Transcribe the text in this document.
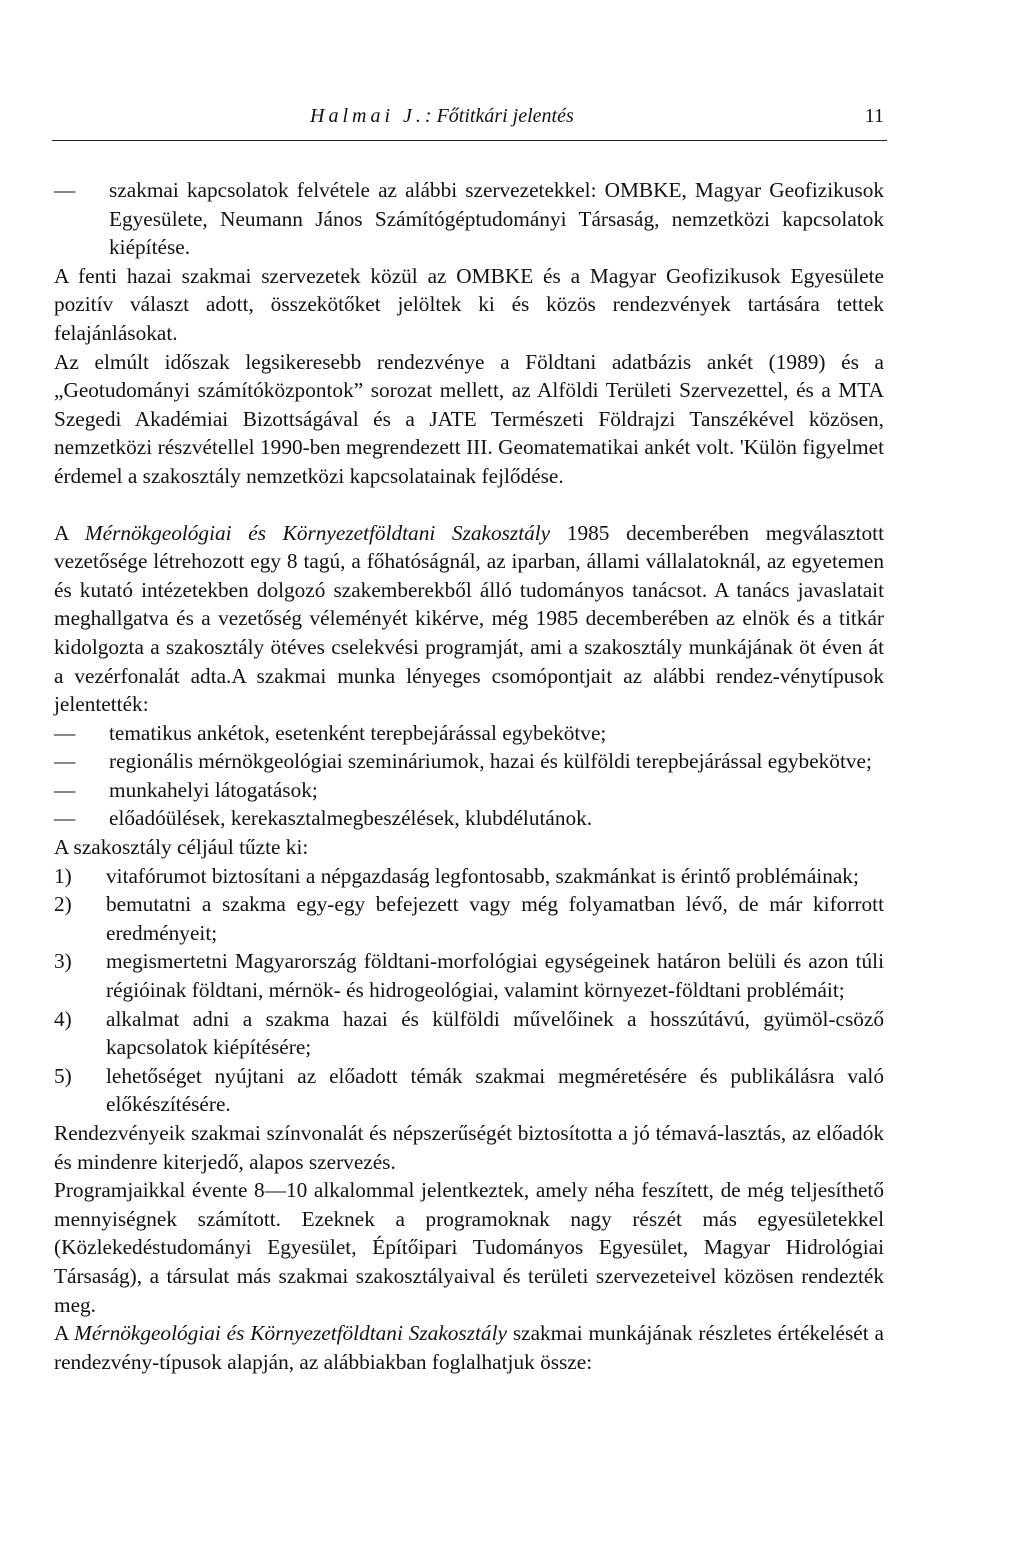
Halmai J.: Főtitkári jelentés	11
—	szakmai kapcsolatok felvétele az alábbi szervezetekkel: OMBKE, Magyar Geofizikusok Egyesülete, Neumann János Számítógéptudományi Társaság, nemzetközi kapcsolatok kiépítése.

A fenti hazai szakmai szervezetek közül az OMBKE és a Magyar Geofizikusok Egyesülete pozitív választ adott, összekötőket jelöltek ki és közös rendezvények tartására tettek felajánlásokat.

Az elmúlt időszak legsikeresebb rendezvénye a Földtani adatbázis ankét (1989) és a „Geotudományi számítóközpontok” sorozat mellett, az Alföldi Területi Szervezettel, és a MTA Szegedi Akadémiai Bizottságával és a JATE Természeti Földrajzi Tanszékével közösen, nemzetközi részvétellel 1990-ben megrendezett III. Geomatematikai ankét volt. 'Külön figyelmet érdemel a szakosztály nemzetközi kapcsolatainak fejlődése.

A Mérnökgeológiai és Környezetföldtani Szakosztály 1985 decemberében megválasztott vezetősége létrehozott egy 8 tagú, a főhatóságnál, az iparban, állami vállalatoknál, az egyetemen és kutató intézetekben dolgozó szakemberekből álló tudományos tanácsot. A tanács javaslatait meghallgatva és a vezetőség véleményét kikérve, még 1985 decemberében az elnök és a titkár kidolgozta a szakosztály ötéves cselekvési programját, ami a szakosztály munkájának öt éven át a vezérfonalát adta.A szakmai munka lényeges csomópontjait az alábbi rendez-vénytípusok jelentették:

—	tematikus ankétok, esetenként terepbejárással egybekötve;
—	regionális mérnökgeológiai szemináriumok, hazai és külföldi terepbejárással egybekötve;
—	munkahelyi látogatások;
—	előadóülések, kerekasztalmegbeszélések, klubdélutánok.

A szakosztály céljául tűzte ki:

1)	vitafórumot biztosítani a népgazdaság legfontosabb, szakmánkat is érintő problémáinak;
2)	bemutatni a szakma egy-egy befejezett vagy még folyamatban lévő, de már kiforrott eredményeit;
3)	megismertetni Magyarország földtani-morfológiai egységeinek határon belüli és azon túli régióinak földtani, mérnök- és hidrogeológiai, valamint környezet-földtani problémáit;
4)	alkalmat adni a szakma hazai és külföldi művelőinek a hosszútávú, gyümöl-csöző kapcsolatok kiépítésére;
5)	lehetőséget nyújtani az előadott témák szakmai megméretésére és publikálásra való előkészítésére.

Rendezvényeik szakmai színvonalát és népszerűségét biztosította a jó témavá-lasztás, az előadók és mindenre kiterjedő, alapos szervezés.

Programjaikkal évente 8—10 alkalommal jelentkeztek, amely néha feszített, de még teljesíthető mennyiségnek számított. Ezeknek a programoknak nagy részét más egyesületekkel (Közlekedéstudományi Egyesület, Építőipari Tudományos Egyesület, Magyar Hidrológiai Társaság), a társulat más szakmai szakosztályaival és területi szervezeteivel közösen rendezték meg.

A Mérnökgeológiai és Környezetföldtani Szakosztály szakmai munkájának részletes értékelését a rendezvény-típusok alapján, az alábbiakban foglalhatjuk össze:
